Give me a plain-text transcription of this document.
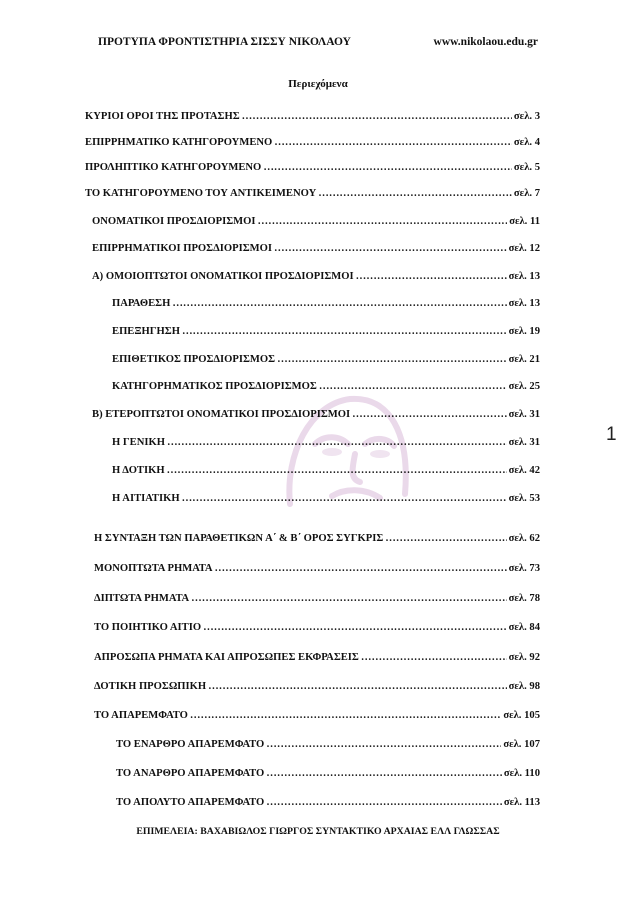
ΠΡΟΤΥΠΑ ΦΡΟΝΤΙΣΤΗΡΙΑ ΣΙΣΣΥ ΝΙΚΟΛΑΟΥ	www.nikolaou.edu.gr
Περιεχόμενα
1
ΚΥΡΙΟΙ ΟΡΟΙ ΤΗΣ ΠΡΟΤΑΣΗΣ ……………………………………………………………………………………………………………………………………………………………………	σελ. 3
ΕΠΙΡΡΗΜΑΤΙΚΟ ΚΑΤΗΓΟΡΟΥΜΕΝΟ ……………………………………………………………………………………………………………………………………………………………………	σελ. 4
ΠΡΟΛΗΠΤΙΚΟ ΚΑΤΗΓΟΡΟΥΜΕΝΟ ……………………………………………………………………………………………………………………………………………………………………	σελ. 5
ΤΟ ΚΑΤΗΓΟΡΟΥΜΕΝΟ ΤΟΥ ΑΝΤΙΚΕΙΜΕΝΟΥ ……………………………………………………………………………………………………………………………………………………………………	σελ. 7
ΟΝΟΜΑΤΙΚΟΙ ΠΡΟΣΔΙΟΡΙΣΜΟΙ ……………………………………………………………………………………………………………………………………………………………………	σελ. 11
ΕΠΙΡΡΗΜΑΤΙΚΟΙ ΠΡΟΣΔΙΟΡΙΣΜΟΙ ……………………………………………………………………………………………………………………………………………………………………	σελ. 12
Α) ΟΜΟΙΟΠΤΩΤΟΙ ΟΝΟΜΑΤΙΚΟΙ ΠΡΟΣΔΙΟΡΙΣΜΟΙ ……………………………………………………………………………………………………………………………………………………………………	σελ. 13
ΠΑΡΑΘΕΣΗ ……………………………………………………………………………………………………………………………………………………………………	σελ. 13
ΕΠΕΞΗΓΗΣΗ ……………………………………………………………………………………………………………………………………………………………………	σελ. 19
ΕΠΙΘΕΤΙΚΟΣ ΠΡΟΣΔΙΟΡΙΣΜΟΣ ……………………………………………………………………………………………………………………………………………………………………	σελ. 21
ΚΑΤΗΓΟΡΗΜΑΤΙΚΟΣ ΠΡΟΣΔΙΟΡΙΣΜΟΣ ……………………………………………………………………………………………………………………………………………………………………	σελ. 25
Β) ΕΤΕΡΟΠΤΩΤΟΙ ΟΝΟΜΑΤΙΚΟΙ ΠΡΟΣΔΙΟΡΙΣΜΟΙ ……………………………………………………………………………………………………………………………………………………………………	σελ. 31
Η ΓΕΝΙΚΗ ……………………………………………………………………………………………………………………………………………………………………	σελ. 31
Η ΔΟΤΙΚΗ ……………………………………………………………………………………………………………………………………………………………………	σελ. 42
Η ΑΙΤΙΑΤΙΚΗ ……………………………………………………………………………………………………………………………………………………………………	σελ. 53
Η ΣΥΝΤΑΞΗ ΤΩΝ ΠΑΡΑΘΕΤΙΚΩΝ Α΄ & Β΄ ΟΡΟΣ ΣΥΓΚΡΙΣ ……………………………………………………………………………………………………………………………………………………………………	σελ. 62
ΜΟΝΟΠΤΩΤΑ ΡΗΜΑΤΑ ……………………………………………………………………………………………………………………………………………………………………	σελ. 73
ΔΙΠΤΩΤΑ ΡΗΜΑΤΑ ……………………………………………………………………………………………………………………………………………………………………	σελ. 78
ΤΟ ΠΟΙΗΤΙΚΟ ΑΙΤΙΟ ……………………………………………………………………………………………………………………………………………………………………	σελ. 84
ΑΠΡΟΣΩΠΑ ΡΗΜΑΤΑ ΚΑΙ ΑΠΡΟΣΩΠΕΣ ΕΚΦΡΑΣΕΙΣ ……………………………………………………………………………………………………………………………………………………………………	σελ. 92
ΔΟΤΙΚΗ ΠΡΟΣΩΠΙΚΗ ……………………………………………………………………………………………………………………………………………………………………	σελ. 98
ΤΟ ΑΠΑΡΕΜΦΑΤΟ ……………………………………………………………………………………………………………………………………………………………………	σελ. 105
ΤΟ ΕΝΑΡΘΡΟ ΑΠΑΡΕΜΦΑΤΟ ……………………………………………………………………………………………………………………………………………………………………	σελ. 107
ΤΟ ΑΝΑΡΘΡΟ ΑΠΑΡΕΜΦΑΤΟ ……………………………………………………………………………………………………………………………………………………………………	σελ. 110
ΤΟ ΑΠΟΛΥΤΟ ΑΠΑΡΕΜΦΑΤΟ ……………………………………………………………………………………………………………………………………………………………………	σελ. 113
ΕΠΙΜΕΛΕΙΑ: ΒΑΧΑΒΙΩΛΟΣ ΓΙΩΡΓΟΣ ΣΥΝΤΑΚΤΙΚΟ ΑΡΧΑΙΑΣ ΕΛΛ ΓΛΩΣΣΑΣ
